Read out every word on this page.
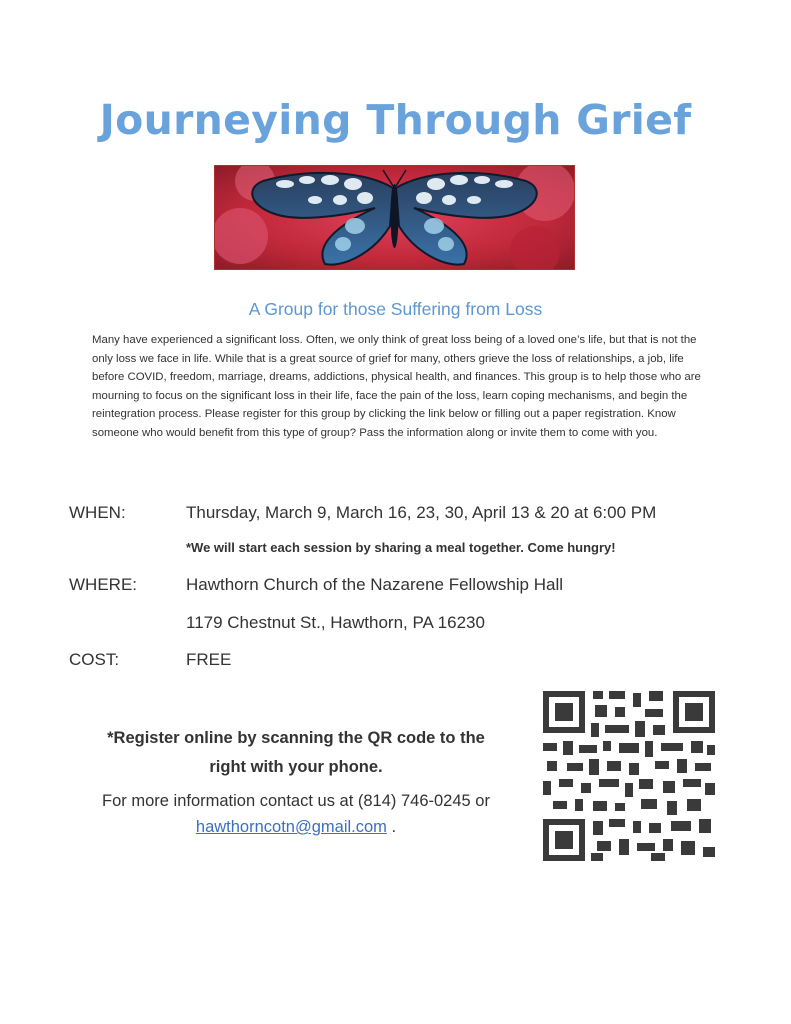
Journeying Through Grief
A Group for those Suffering from Loss

Many have experienced a significant loss. Often, we only think of great loss being of a loved one’s life, but that is not the only loss we face in life. While that is a great source of grief for many, others grieve the loss of relationships, a job, life before COVID, freedom, marriage, dreams, addictions, physical health, and finances. This group is to help those who are mourning to focus on the significant loss in their life, face the pain of the loss, learn coping mechanisms, and begin the reintegration process. Please register for this group by clicking the link below or filling out a paper registration. Know someone who would benefit from this type of group? Pass the information along or invite them to come with you.

WHEN:	Thursday, March 9, March 16, 23, 30, April 13 & 20 at 6:00 PM
*We will start each session by sharing a meal together. Come hungry!
WHERE:	Hawthorn Church of the Nazarene Fellowship Hall
1179 Chestnut St., Hawthorn, PA 16230
COST:	FREE
*Register online by scanning the QR code to the
right with your phone.
For more information contact us at (814) 746-0245 or
hawthorncotn@gmail.com .
